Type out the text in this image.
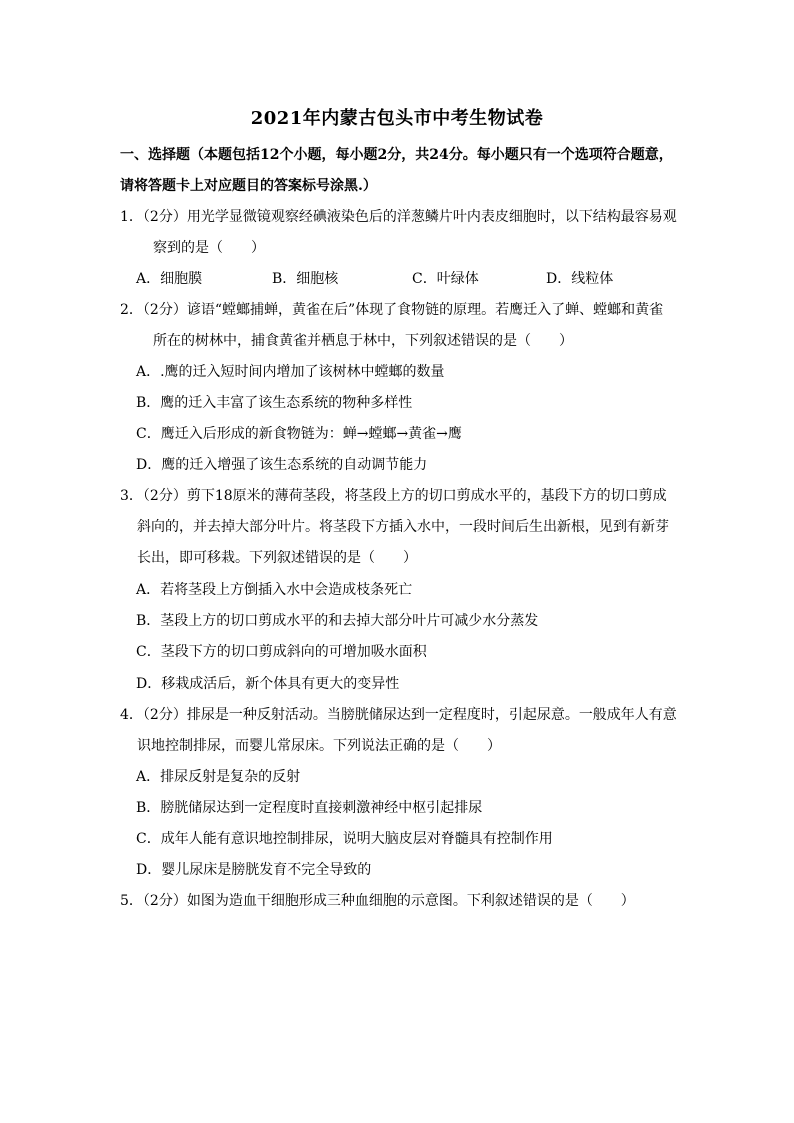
2021年内蒙古包头市中考生物试卷
一、选择题（本题包括12个小题，每小题2分，共24分。每小题只有一个选项符合题意，
请将答题卡上对应题目的答案标号涂黑.）
1．（2分）用光学显微镜观察经碘液染色后的洋葱鳞片叶内表皮细胞时，以下结构最容易观
察到的是（　　）
A．细胞膜	B．细胞核	C．叶绿体	D．线粒体
2．（2分）谚语“螳螂捕蝉，黄雀在后”体现了食物链的原理。若鹰迁入了蝉、螳螂和黄雀
所在的树林中，捕食黄雀并栖息于林中，下列叙述错误的是（　　）
A．.鹰的迁入短时间内增加了该树林中螳螂的数量
B．鹰的迁入丰富了该生态系统的物种多样性
C．鹰迁入后形成的新食物链为：蝉→螳螂→黄雀→鹰
D．鹰的迁入增强了该生态系统的自动调节能力
3．（2分）剪下18原米的薄荷茎段，将茎段上方的切口剪成水平的，基段下方的切口剪成
斜向的，并去掉大部分叶片。将茎段下方插入水中，一段时间后生出新根，见到有新芽
长出，即可移栽。下列叙述错误的是（　　）
A．若将茎段上方倒插入水中会造成枝条死亡
B．茎段上方的切口剪成水平的和去掉大部分叶片可减少水分蒸发
C．茎段下方的切口剪成斜向的可增加吸水面积
D．移栽成活后，新个体具有更大的变异性
4．（2分）排尿是一种反射活动。当膀胱储尿达到一定程度时，引起尿意。一般成年人有意
识地控制排尿，而婴儿常尿床。下列说法正确的是（　　）
A．排尿反射是复杂的反射
B．膀胱储尿达到一定程度时直接刺激神经中枢引起排尿
C．成年人能有意识地控制排尿，说明大脑皮层对脊髓具有控制作用
D．婴儿尿床是膀胱发育不完全导致的
5．（2分）如图为造血干细胞形成三种血细胞的示意图。下利叙述错误的是（　　）
